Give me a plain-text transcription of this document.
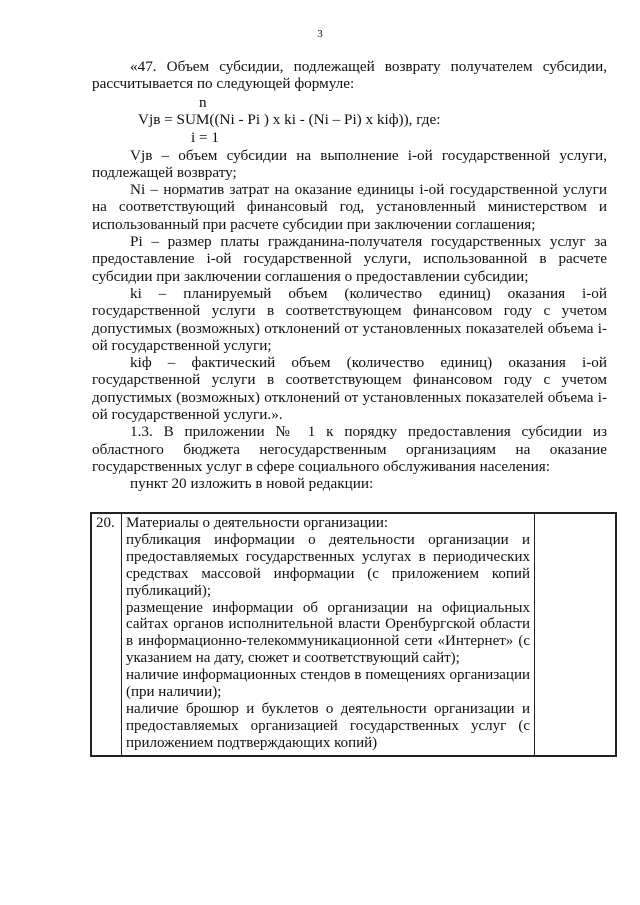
3

«47. Объем субсидии, подлежащей возврату получателем субсидии, рассчитывается по следующей формуле:

n
Vjв = SUM((Ni - Pi ) x ki - (Ni – Pi) x kiф)), где:
i = 1

Vjв – объем субсидии на выполнение i-ой государственной услуги, подлежащей возврату;

Ni – норматив затрат на оказание единицы i-ой государственной услуги на соответствующий финансовый год, установленный министерством и использованный при расчете субсидии при заключении соглашения;

Pi – размер платы гражданина-получателя государственных услуг за предоставление i-ой государственной услуги, использованной в расчете субсидии при заключении соглашения о предоставлении субсидии;

ki – планируемый объем (количество единиц) оказания i-ой государственной услуги в соответствующем финансовом году с учетом допустимых (возможных) отклонений от установленных показателей объема i-ой государственной услуги;

kiф – фактический объем (количество единиц) оказания i-ой государственной услуги в соответствующем финансовом году с учетом допустимых (возможных) отклонений от установленных показателей объема i-ой государственной услуги.».

1.3. В приложении № 1 к порядку предоставления субсидии из областного бюджета негосударственным организациям на оказание государственных услуг в сфере социального обслуживания населения:

пункт 20 изложить в новой редакции:

20.	Материалы о деятельности организации:

публикация информации о деятельности организации и предоставляемых государственных услугах в периодических средствах массовой информации (с приложением копий публикаций);

размещение информации об организации на официальных сайтах органов исполнительной власти Оренбургской области в информационно-телекоммуникационной сети «Интернет» (с указанием на дату, сюжет и соответствующий сайт);

наличие информационных стендов в помещениях организации (при наличии);

наличие брошюр и буклетов о деятельности организации и предоставляемых организацией государственных услуг (с приложением подтверждающих копий)
